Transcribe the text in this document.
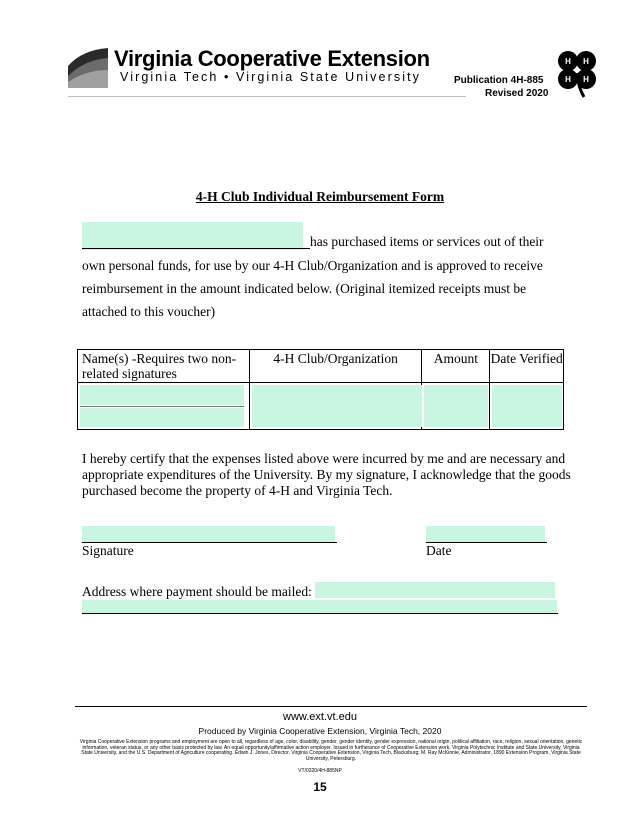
Virginia Cooperative Extension
Virginia Tech • Virginia State University	Publication 4H-885
Revised 2020
H H
H H
4-H Club Individual Reimbursement Form
has purchased items or services out of their
own personal funds, for use by our 4-H Club/Organization and is approved to receive
reimbursement in the amount indicated below. (Original itemized receipts must be
attached to this voucher)
Name(s) -Requires two non-related signatures	4-H Club/Organization	Amount	Date Verified

I hereby certify that the expenses listed above were incurred by me and are necessary and appropriate expenditures of the University. By my signature, I acknowledge that the goods purchased become the property of 4-H and Virginia Tech.
Signature	Date
Address where payment should be mailed:
www.ext.vt.edu
Produced by Virginia Cooperative Extension, Virginia Tech, 2020
Virginia Cooperative Extension programs and employment are open to all, regardless of age, color, disability, gender, gender identity, gender expression, national origin, political affiliation, race, religion, sexual orientation, genetic information, veteran status, or any other basis protected by law. An equal opportunity/affirmative action employer. Issued in furtherance of Cooperative Extension work, Virginia Polytechnic Institute and State University, Virginia State University, and the U.S. Department of Agriculture cooperating. Edwin J. Jones, Director, Virginia Cooperative Extension, Virginia Tech, Blacksburg; M. Ray McKinnie, Administrator, 1890 Extension Program, Virginia State University, Petersburg.
VT/0320/4H-885NP
15
